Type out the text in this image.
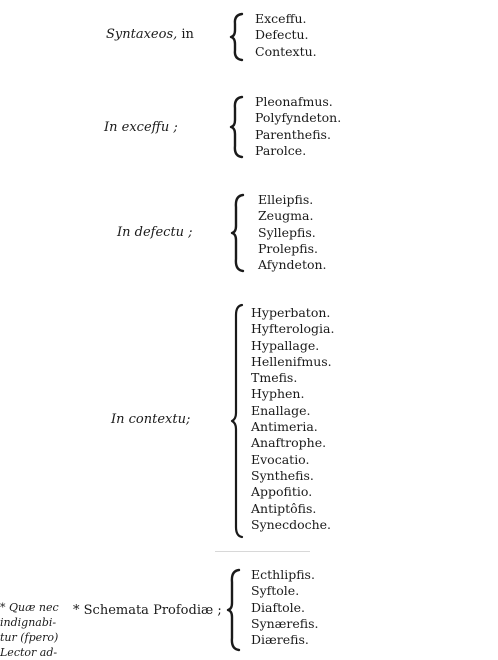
Syntaxeos, in
Exceffu.
Defectu.
Contextu.
In exceffu ;
Pleonafmus.
Polyfyndeton.
Parenthefis.
Parolce.
In defectu ;
Elleipfis.
Zeugma.
Syllepfis.
Prolepfis.
Afyndeton.
In contextu;
Hyperbaton.
Hyfterologia.
Hypallage.
Hellenifmus.
Tmefis.
Hyphen.
Enallage.
Antimeria.
Anaftrophe.
Evocatio.
Synthefis.
Appofitio.
Antiptôfis.
Synecdoche.
* Schemata Profodiæ ;
Ecthlipfis.
Syftole.
Diaftole.
Synærefis.
Diærefis.
* Quæ nec
indignabi-
tur (fpero)
Lector ad-
